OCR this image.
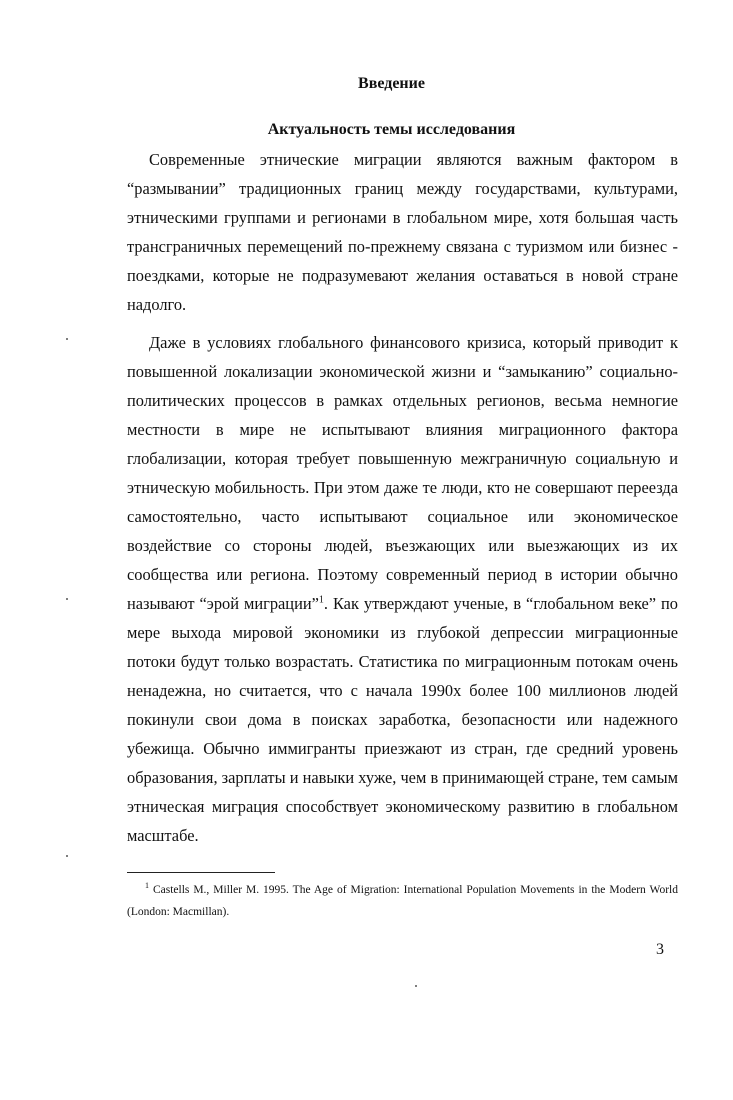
Введение
Актуальность темы исследования

Современные этнические миграции являются важным фактором в “размывании” традиционных границ между государствами, культурами, этническими группами и регионами в глобальном мире, хотя большая часть трансграничных перемещений по-прежнему связана с туризмом или бизнес - поездками, которые не подразумевают желания оставаться в новой стране надолго.

Даже в условиях глобального финансового кризиса, который приводит к повышенной локализации экономической жизни и “замыканию” социально-политических процессов в рамках отдельных регионов, весьма немногие местности в мире не испытывают влияния миграционного фактора глобализации, которая требует повышенную межграничную социальную и этническую мобильность. При этом даже те люди, кто не совершают переезда самостоятельно, часто испытывают социальное или экономическое воздействие со стороны людей, въезжающих или выезжающих из их сообщества или региона. Поэтому современный период в истории обычно называют “эрой миграции”$^1$. Как утверждают ученые, в “глобальном веке” по мере выхода мировой экономики из глубокой депрессии миграционные потоки будут только возрастать. Статистика по миграционным потокам очень ненадежна, но считается, что с начала 1990х более 100 миллионов людей покинули свои дома в поисках заработка, безопасности или надежного убежища. Обычно иммигранты приезжают из стран, где средний уровень образования, зарплаты и навыки хуже, чем в принимающей стране, тем самым этническая миграция способствует экономическому развитию в глобальном масштабе.

$^1$ Castells M., Miller M. 1995. The Age of Migration: International Population Movements in the Modern World (London: Macmillan).
3
